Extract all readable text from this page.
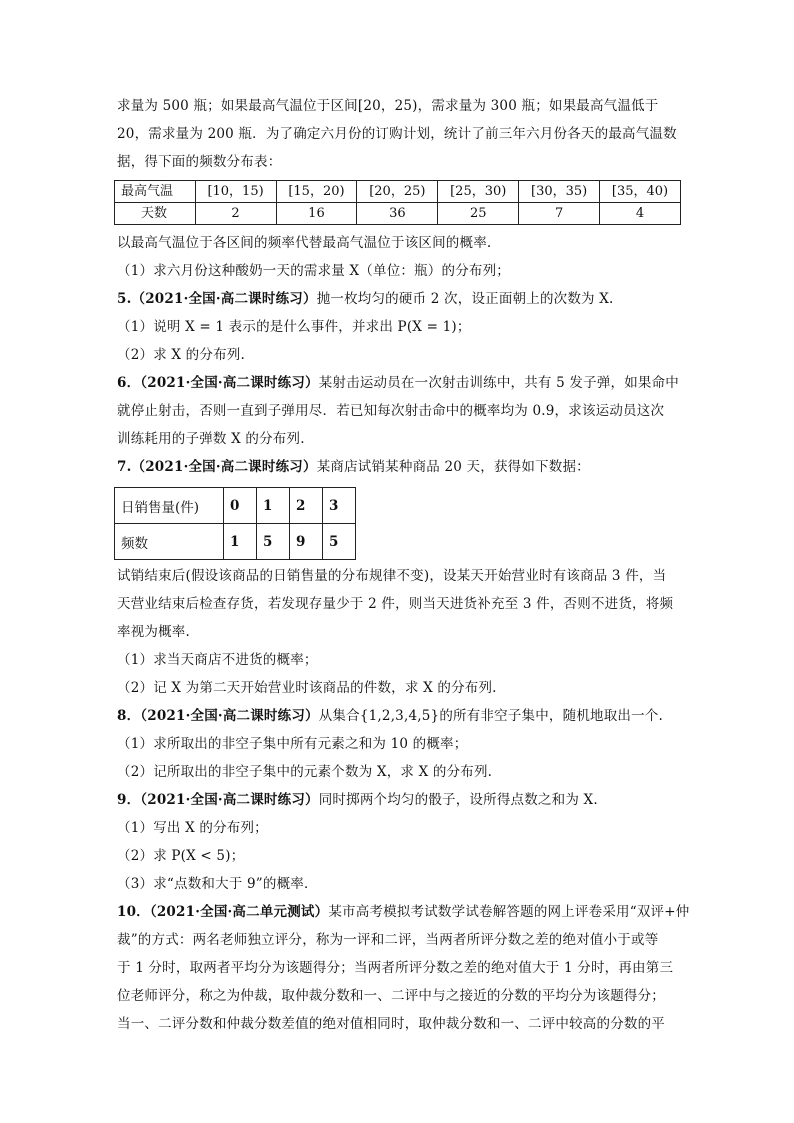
求量为 500 瓶；如果最高气温位于区间[20，25)，需求量为 300 瓶；如果最高气温低于

20，需求量为 200 瓶．为了确定六月份的订购计划，统计了前三年六月份各天的最高气温数

据，得下面的频数分布表：

最高气温	[10，15)	[15，20)	[20，25)	[25，30)	[30，35)	[35，40)
天数	2	16	36	25	7	4

以最高气温位于各区间的频率代替最高气温位于该区间的概率.

（1）求六月份这种酸奶一天的需求量 X（单位：瓶）的分布列；

5.（2021·全国·高二课时练习）抛一枚均匀的硬币 2 次，设正面朝上的次数为 X.

（1）说明 X = 1 表示的是什么事件，并求出 P(X = 1)；

（2）求 X 的分布列.

6．（2021·全国·高二课时练习）某射击运动员在一次射击训练中，共有 5 发子弹，如果命中

就停止射击，否则一直到子弹用尽．若已知每次射击命中的概率均为 0.9，求该运动员这次

训练耗用的子弹数 X 的分布列.

7.（2021·全国·高二课时练习）某商店试销某种商品 20 天，获得如下数据：

日销售量(件)	0	1	2	3
频数	1	5	9	5

试销结束后(假设该商品的日销售量的分布规律不变)，设某天开始营业时有该商品 3 件，当

天营业结束后检查存货，若发现存量少于 2 件，则当天进货补充至 3 件，否则不进货，将频

率视为概率.

（1）求当天商店不进货的概率；

（2）记 X 为第二天开始营业时该商品的件数，求 X 的分布列.

8．（2021·全国·高二课时练习）从集合{1,2,3,4,5}的所有非空子集中，随机地取出一个.

（1）求所取出的非空子集中所有元素之和为 10 的概率；

（2）记所取出的非空子集中的元素个数为 X，求 X 的分布列.

9．（2021·全国·高二课时练习）同时掷两个均匀的骰子，设所得点数之和为 X.

（1）写出 X 的分布列；

（2）求 P(X < 5)；

（3）求“点数和大于 9”的概率．

10．（2021·全国·高二单元测试）某市高考模拟考试数学试卷解答题的网上评卷采用“双评+仲

裁”的方式：两名老师独立评分，称为一评和二评，当两者所评分数之差的绝对值小于或等

于 1 分时，取两者平均分为该题得分；当两者所评分数之差的绝对值大于 1 分时，再由第三

位老师评分，称之为仲裁，取仲裁分数和一、二评中与之接近的分数的平均分为该题得分；

当一、二评分数和仲裁分数差值的绝对值相同时，取仲裁分数和一、二评中较高的分数的平
